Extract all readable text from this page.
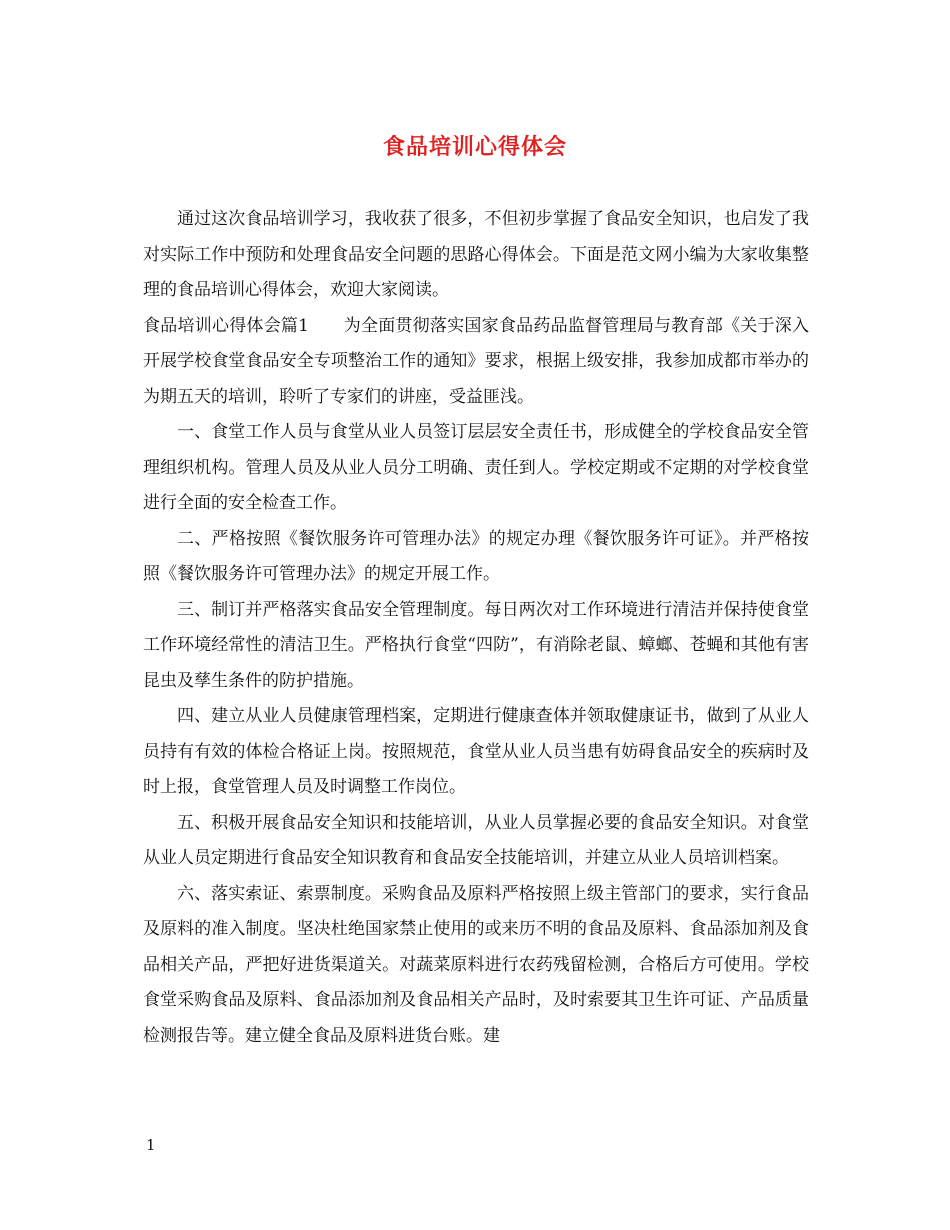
食品培训心得体会

通过这次食品培训学习，我收获了很多，不但初步掌握了食品安全知识，也启发了我对实际工作中预防和处理食品安全问题的思路心得体会。下面是范文网小编为大家收集整理的食品培训心得体会，欢迎大家阅读。

食品培训心得体会篇1　　为全面贯彻落实国家食品药品监督管理局与教育部《关于深入开展学校食堂食品安全专项整治工作的通知》要求，根据上级安排，我参加成都市举办的为期五天的培训，聆听了专家们的讲座，受益匪浅。

一、食堂工作人员与食堂从业人员签订层层安全责任书，形成健全的学校食品安全管理组织机构。管理人员及从业人员分工明确、责任到人。学校定期或不定期的对学校食堂进行全面的安全检查工作。

二、严格按照《餐饮服务许可管理办法》的规定办理《餐饮服务许可证》。并严格按照《餐饮服务许可管理办法》的规定开展工作。

三、制订并严格落实食品安全管理制度。每日两次对工作环境进行清洁并保持使食堂工作环境经常性的清洁卫生。严格执行食堂“四防”，有消除老鼠、蟑螂、苍蝇和其他有害昆虫及孳生条件的防护措施。

四、建立从业人员健康管理档案，定期进行健康查体并领取健康证书，做到了从业人员持有有效的体检合格证上岗。按照规范，食堂从业人员当患有妨碍食品安全的疾病时及时上报，食堂管理人员及时调整工作岗位。

五、积极开展食品安全知识和技能培训，从业人员掌握必要的食品安全知识。对食堂从业人员定期进行食品安全知识教育和食品安全技能培训，并建立从业人员培训档案。

六、落实索证、索票制度。采购食品及原料严格按照上级主管部门的要求，实行食品及原料的准入制度。坚决杜绝国家禁止使用的或来历不明的食品及原料、食品添加剂及食品相关产品，严把好进货渠道关。对蔬菜原料进行农药残留检测，合格后方可使用。学校食堂采购食品及原料、食品添加剂及食品相关产品时，及时索要其卫生许可证、产品质量检测报告等。建立健全食品及原料进货台账。建

1
